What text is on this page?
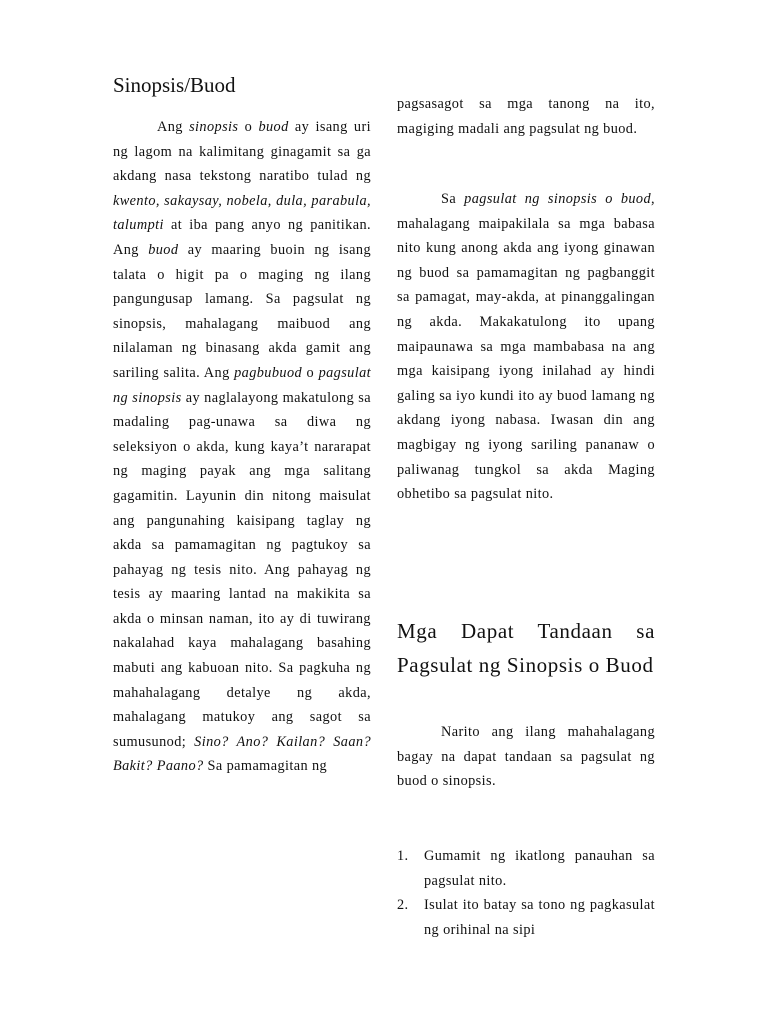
Sinopsis/Buod

Ang sinopsis o buod ay isang uri ng lagom na kalimitang ginagamit sa ga akdang nasa tekstong naratibo tulad ng kwento, sakaysay, nobela, dula, parabula, talumpti at iba pang anyo ng panitikan. Ang buod ay maaring buoin ng isang talata o higit pa o maging ng ilang pangungusap lamang. Sa pagsulat ng sinopsis, mahalagang maibuod ang nilalaman ng binasang akda gamit ang sariling salita. Ang pagbubuod o pagsulat ng sinopsis ay naglalayong makatulong sa madaling pag-unawa sa diwa ng seleksiyon o akda, kung kaya’t nararapat ng maging payak ang mga salitang gagamitin. Layunin din nitong maisulat ang pangunahing kaisipang taglay ng akda sa pamamagitan ng pagtukoy sa pahayag ng tesis nito. Ang pahayag ng tesis ay maaring lantad na makikita sa akda o minsan naman, ito ay di tuwirang nakalahad kaya mahalagang basahing mabuti ang kabuoan nito. Sa pagkuha ng mahahalagang detalye ng akda, mahalagang matukoy ang sagot sa sumusunod; Sino? Ano? Kailan? Saan? Bakit? Paano? Sa pamamagitan ng

pagsasagot sa mga tanong na ito, magiging madali ang pagsulat ng buod.

Sa pagsulat ng sinopsis o buod, mahalagang maipakilala sa mga babasa nito kung anong akda ang iyong ginawan ng buod sa pamamagitan ng pagbanggit sa pamagat, may-akda, at pinanggalingan ng akda. Makakatulong ito upang maipaunawa sa mga mambabasa na ang mga kaisipang iyong inilahad ay hindi galing sa iyo kundi ito ay buod lamang ng akdang iyong nabasa. Iwasan din ang magbigay ng iyong sariling pananaw o paliwanag tungkol sa akda Maging obhetibo sa pagsulat nito.

Mga Dapat Tandaan sa Pagsulat ng Sinopsis o Buod

Narito ang ilang mahahalagang bagay na dapat tandaan sa pagsulat ng buod o sinopsis.

1. Gumamit ng ikatlong panauhan sa pagsulat nito.
2. Isulat ito batay sa tono ng pagkasulat ng orihinal na sipi
